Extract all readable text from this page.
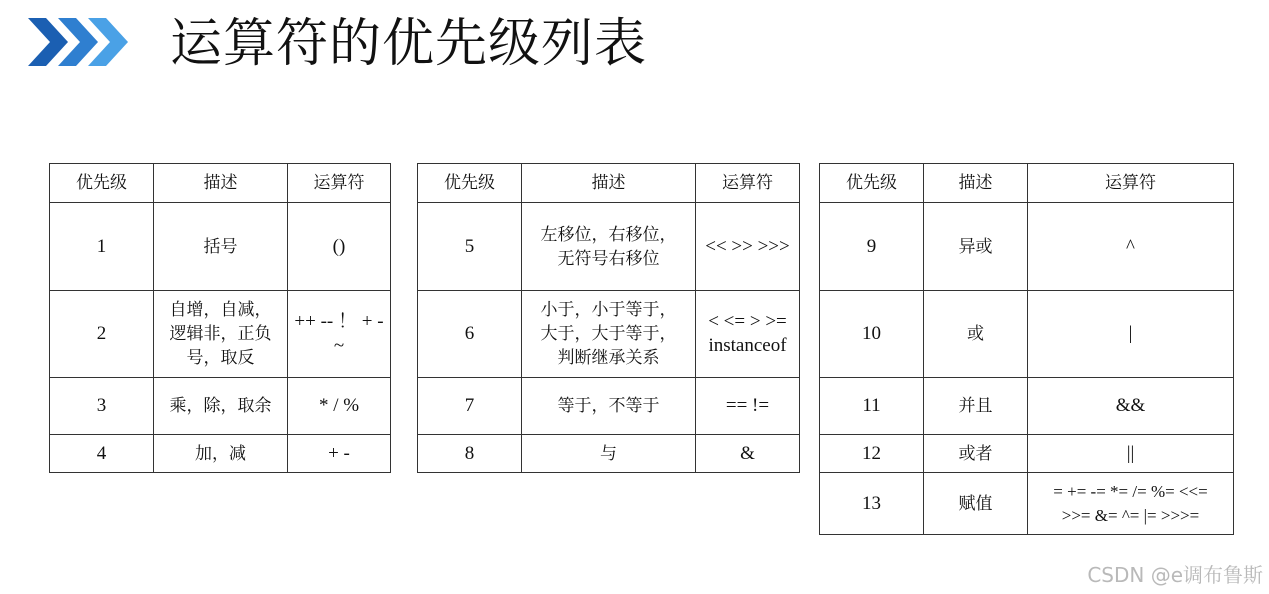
运算符的优先级列表
优先级	描述	运算符
1	括号	()
2	自增，自减，
逻辑非，正负
号，取反	++ -- ！ + -
~
3	乘，除，取余	* / %
4	加，减	+ -
优先级	描述	运算符
5	左移位，右移位，
无符号右移位	<< >> >>>
6	小于，小于等于，
大于，大于等于，
判断继承关系	< <= > >=
instanceof
7	等于，不等于	== !=
8	与	&
优先级	描述	运算符
9	异或	^
10	或	|
11	并且	&&
12	或者	||
13	赋值	= += -= *= /= %= <<=
>>= &= ^= |= >>>=
CSDN @e调布鲁斯
